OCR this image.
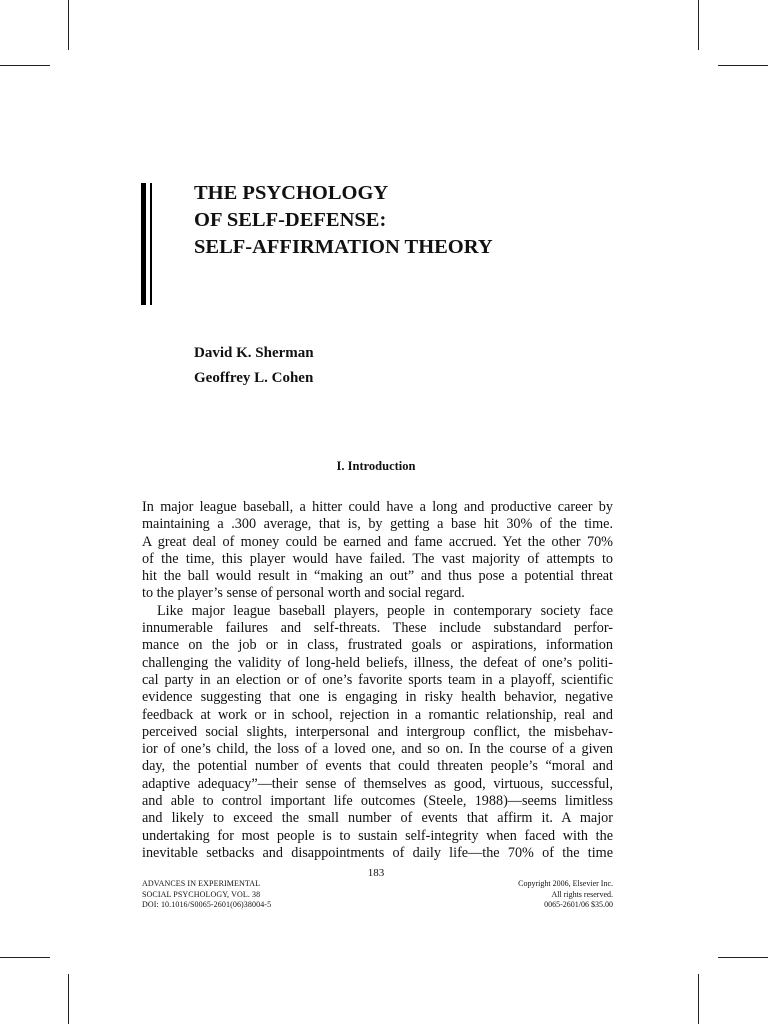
THE PSYCHOLOGY
OF SELF-DEFENSE:
SELF-AFFIRMATION THEORY
David K. Sherman
Geoffrey L. Cohen
I. Introduction
In major league baseball, a hitter could have a long and productive career by
maintaining a .300 average, that is, by getting a base hit 30% of the time.
A great deal of money could be earned and fame accrued. Yet the other 70%
of the time, this player would have failed. The vast majority of attempts to
hit the ball would result in “making an out” and thus pose a potential threat
to the player’s sense of personal worth and social regard.
Like major league baseball players, people in contemporary society face
innumerable failures and self-threats. These include substandard perfor-
mance on the job or in class, frustrated goals or aspirations, information
challenging the validity of long-held beliefs, illness, the defeat of one’s politi-
cal party in an election or of one’s favorite sports team in a playoff, scientific
evidence suggesting that one is engaging in risky health behavior, negative
feedback at work or in school, rejection in a romantic relationship, real and
perceived social slights, interpersonal and intergroup conflict, the misbehav-
ior of one’s child, the loss of a loved one, and so on. In the course of a given
day, the potential number of events that could threaten people’s “moral and
adaptive adequacy”—their sense of themselves as good, virtuous, successful,
and able to control important life outcomes (Steele, 1988)—seems limitless
and likely to exceed the small number of events that affirm it. A major
undertaking for most people is to sustain self-integrity when faced with the
inevitable setbacks and disappointments of daily life—the 70% of the time
183
ADVANCES IN EXPERIMENTAL
SOCIAL PSYCHOLOGY, VOL. 38
DOI: 10.1016/S0065-2601(06)38004-5
Copyright 2006, Elsevier Inc.
All rights reserved.
0065-2601/06 $35.00
